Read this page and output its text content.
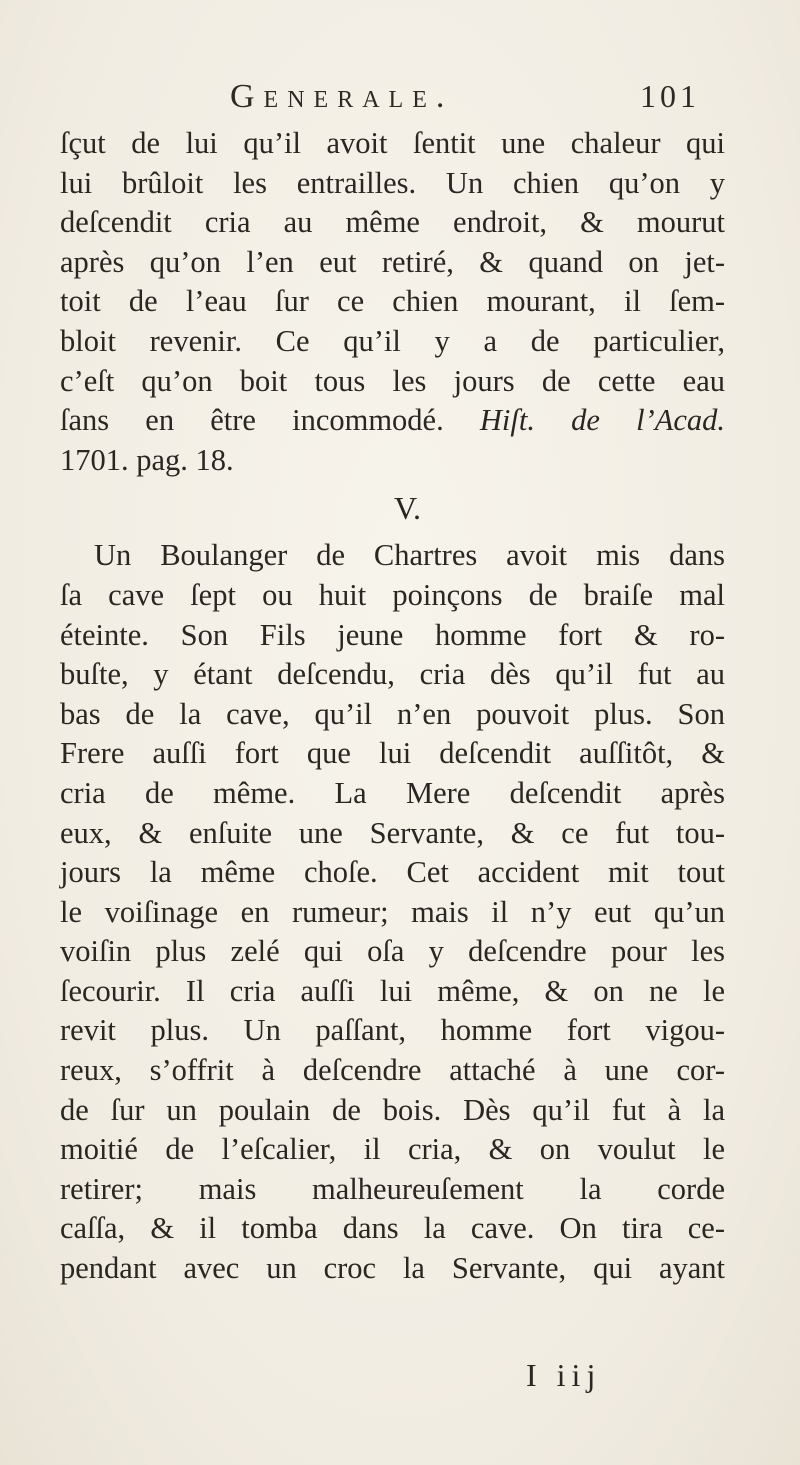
Generale.	101
ſçut de lui qu’il avoit ſentit une chaleur qui
lui brûloit les entrailles. Un chien qu’on y
deſcendit cria au même endroit, & mourut
après qu’on l’en eut retiré, & quand on jet-
toit de l’eau ſur ce chien mourant, il ſem-
bloit revenir. Ce qu’il y a de particulier,
c’eſt qu’on boit tous les jours de cette eau
ſans en être incommodé. Hiſt. de l’Acad.
1701. pag. 18.
V.
Un Boulanger de Chartres avoit mis dans
ſa cave ſept ou huit poinçons de braiſe mal
éteinte. Son Fils jeune homme fort & ro-
buſte, y étant deſcendu, cria dès qu’il fut au
bas de la cave, qu’il n’en pouvoit plus. Son
Frere auſſi fort que lui deſcendit auſſitôt, &
cria de même. La Mere deſcendit après
eux, & enſuite une Servante, & ce fut tou-
jours la même choſe. Cet accident mit tout
le voiſinage en rumeur; mais il n’y eut qu’un
voiſin plus zelé qui oſa y deſcendre pour les
ſecourir. Il cria auſſi lui même, & on ne le
revit plus. Un paſſant, homme fort vigou-
reux, s’offrit à deſcendre attaché à une cor-
de ſur un poulain de bois. Dès qu’il fut à la
moitié de l’eſcalier, il cria, & on voulut le
retirer; mais malheureuſement la corde
caſſa, & il tomba dans la cave. On tira ce-
pendant avec un croc la Servante, qui ayant
I iij
